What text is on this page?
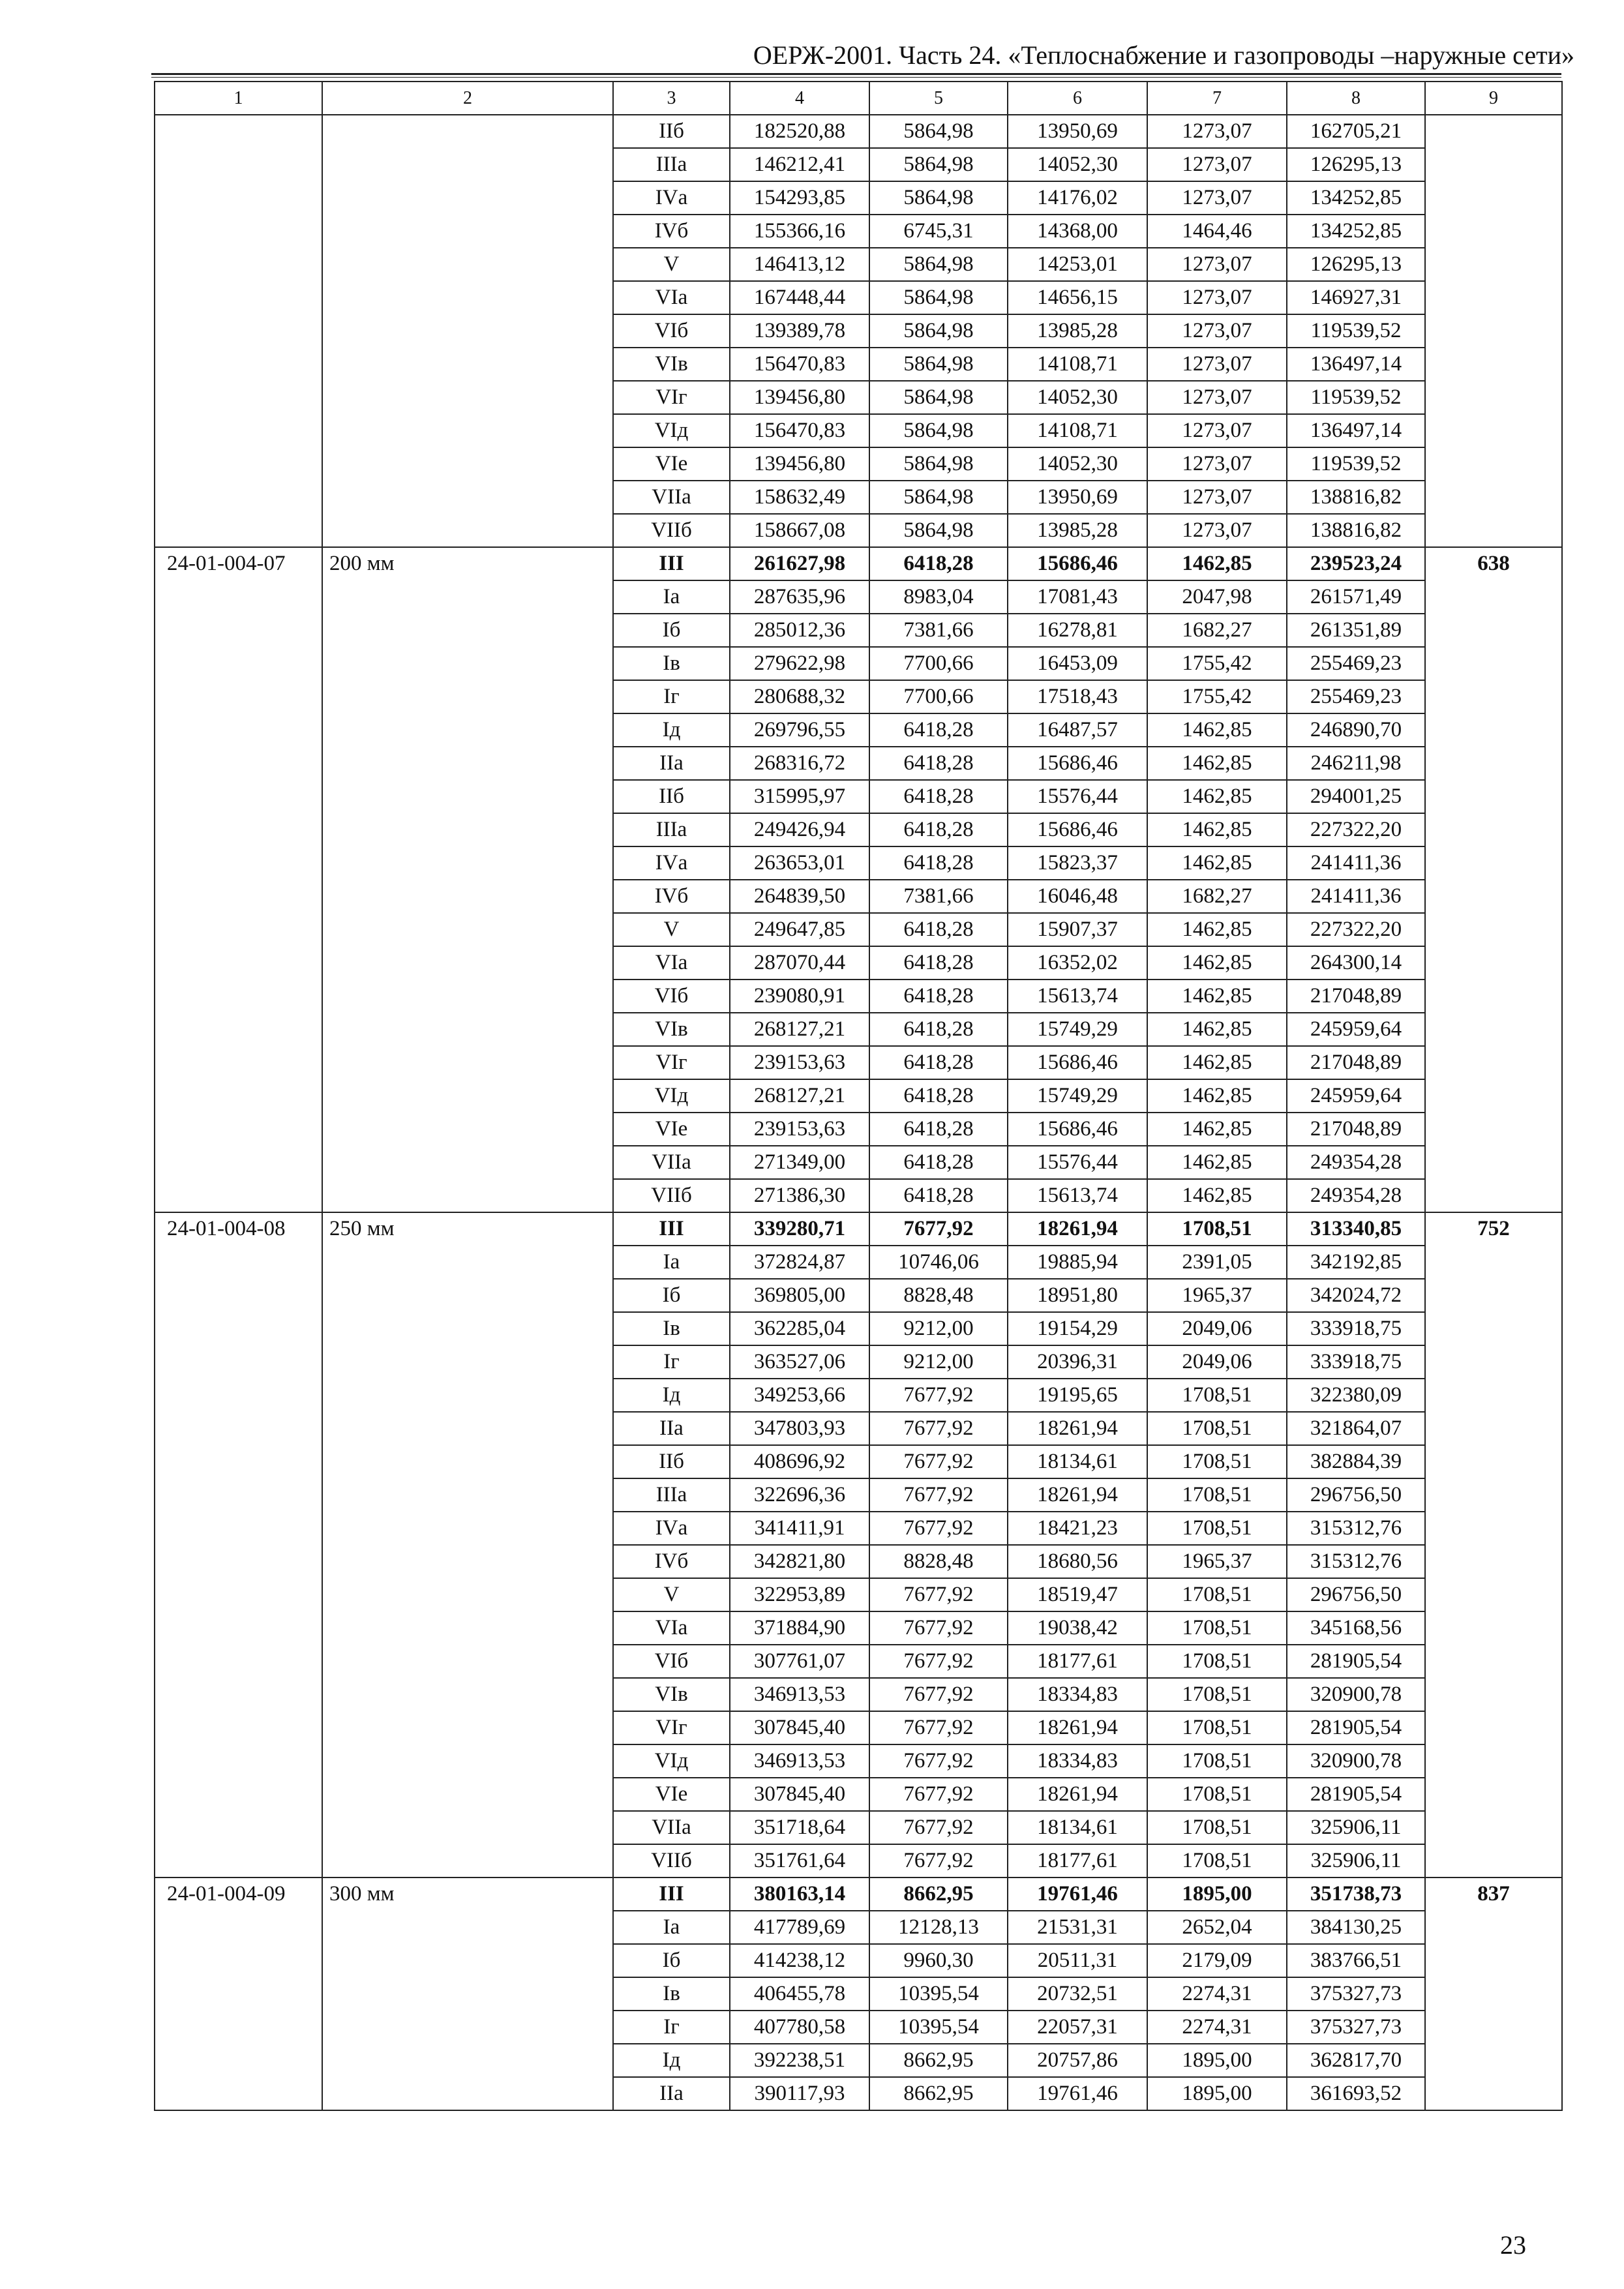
ОЕРЖ-2001. Часть 24. «Теплоснабжение и газопроводы –наружные сети»
1	2	3	4	5	6	7	8	9
		IIб	182520,88	5864,98	13950,69	1273,07	162705,21	
		IIIа	146212,41	5864,98	14052,30	1273,07	126295,13	
		IVа	154293,85	5864,98	14176,02	1273,07	134252,85	
		IVб	155366,16	6745,31	14368,00	1464,46	134252,85	
		V	146413,12	5864,98	14253,01	1273,07	126295,13	
		VIа	167448,44	5864,98	14656,15	1273,07	146927,31	
		VIб	139389,78	5864,98	13985,28	1273,07	119539,52	
		VIв	156470,83	5864,98	14108,71	1273,07	136497,14	
		VIг	139456,80	5864,98	14052,30	1273,07	119539,52	
		VIд	156470,83	5864,98	14108,71	1273,07	136497,14	
		VIе	139456,80	5864,98	14052,30	1273,07	119539,52	
		VIIа	158632,49	5864,98	13950,69	1273,07	138816,82	
		VIIб	158667,08	5864,98	13985,28	1273,07	138816,82	
24-01-004-07	200 мм	III	261627,98	6418,28	15686,46	1462,85	239523,24	638
		Iа	287635,96	8983,04	17081,43	2047,98	261571,49	
		Iб	285012,36	7381,66	16278,81	1682,27	261351,89	
		Iв	279622,98	7700,66	16453,09	1755,42	255469,23	
		Iг	280688,32	7700,66	17518,43	1755,42	255469,23	
		Iд	269796,55	6418,28	16487,57	1462,85	246890,70	
		IIа	268316,72	6418,28	15686,46	1462,85	246211,98	
		IIб	315995,97	6418,28	15576,44	1462,85	294001,25	
		IIIа	249426,94	6418,28	15686,46	1462,85	227322,20	
		IVа	263653,01	6418,28	15823,37	1462,85	241411,36	
		IVб	264839,50	7381,66	16046,48	1682,27	241411,36	
		V	249647,85	6418,28	15907,37	1462,85	227322,20	
		VIа	287070,44	6418,28	16352,02	1462,85	264300,14	
		VIб	239080,91	6418,28	15613,74	1462,85	217048,89	
		VIв	268127,21	6418,28	15749,29	1462,85	245959,64	
		VIг	239153,63	6418,28	15686,46	1462,85	217048,89	
		VIд	268127,21	6418,28	15749,29	1462,85	245959,64	
		VIе	239153,63	6418,28	15686,46	1462,85	217048,89	
		VIIа	271349,00	6418,28	15576,44	1462,85	249354,28	
		VIIб	271386,30	6418,28	15613,74	1462,85	249354,28	
24-01-004-08	250 мм	III	339280,71	7677,92	18261,94	1708,51	313340,85	752
		Iа	372824,87	10746,06	19885,94	2391,05	342192,85	
		Iб	369805,00	8828,48	18951,80	1965,37	342024,72	
		Iв	362285,04	9212,00	19154,29	2049,06	333918,75	
		Iг	363527,06	9212,00	20396,31	2049,06	333918,75	
		Iд	349253,66	7677,92	19195,65	1708,51	322380,09	
		IIа	347803,93	7677,92	18261,94	1708,51	321864,07	
		IIб	408696,92	7677,92	18134,61	1708,51	382884,39	
		IIIа	322696,36	7677,92	18261,94	1708,51	296756,50	
		IVа	341411,91	7677,92	18421,23	1708,51	315312,76	
		IVб	342821,80	8828,48	18680,56	1965,37	315312,76	
		V	322953,89	7677,92	18519,47	1708,51	296756,50	
		VIа	371884,90	7677,92	19038,42	1708,51	345168,56	
		VIб	307761,07	7677,92	18177,61	1708,51	281905,54	
		VIв	346913,53	7677,92	18334,83	1708,51	320900,78	
		VIг	307845,40	7677,92	18261,94	1708,51	281905,54	
		VIд	346913,53	7677,92	18334,83	1708,51	320900,78	
		VIе	307845,40	7677,92	18261,94	1708,51	281905,54	
		VIIа	351718,64	7677,92	18134,61	1708,51	325906,11	
		VIIб	351761,64	7677,92	18177,61	1708,51	325906,11	
24-01-004-09	300 мм	III	380163,14	8662,95	19761,46	1895,00	351738,73	837
		Iа	417789,69	12128,13	21531,31	2652,04	384130,25	
		Iб	414238,12	9960,30	20511,31	2179,09	383766,51	
		Iв	406455,78	10395,54	20732,51	2274,31	375327,73	
		Iг	407780,58	10395,54	22057,31	2274,31	375327,73	
		Iд	392238,51	8662,95	20757,86	1895,00	362817,70	
		IIа	390117,93	8662,95	19761,46	1895,00	361693,52	
23
